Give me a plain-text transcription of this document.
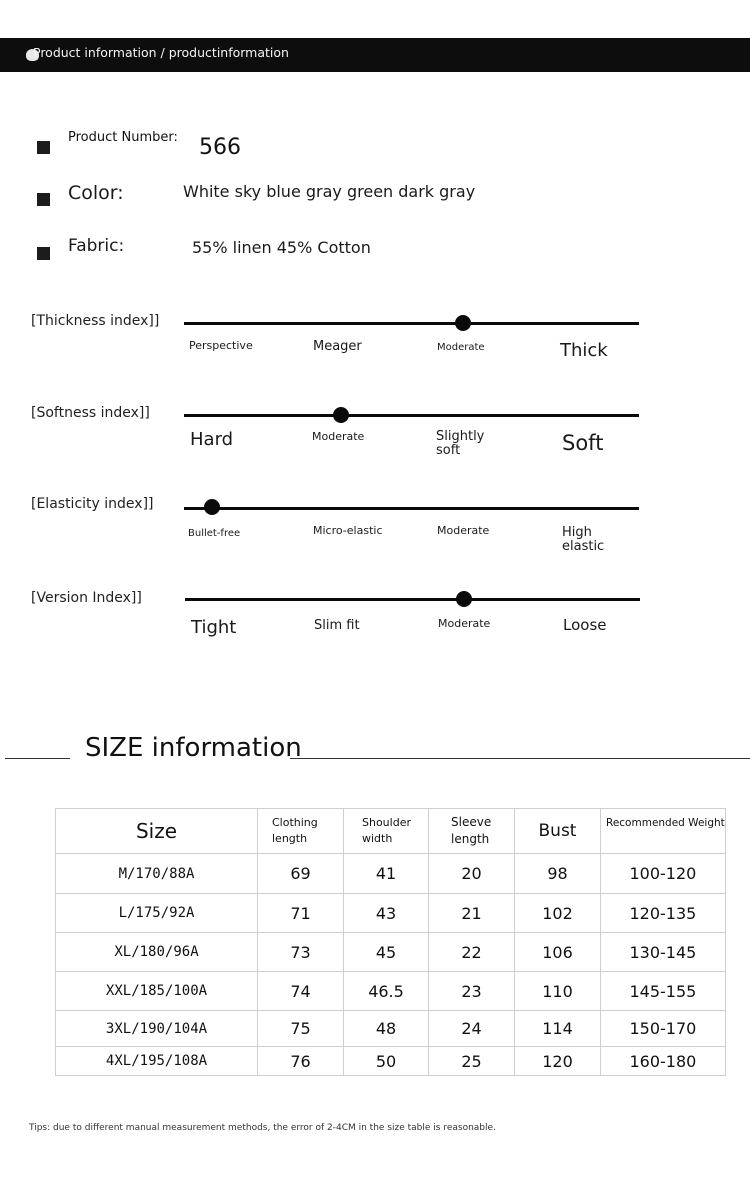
Product information / productinformation
Product Number: 566
Color:	White sky blue gray green dark gray
Fabric:	55% linen 45% Cotton
[Thickness index]]
Perspective	Meager	Moderate	Thick
[Softness index]]
Hard	Moderate	Slightly soft	Soft
[Elasticity index]]
Bullet-free	Micro-elastic	Moderate	High elastic
[Version Index]]
Tight	Slim fit	Moderate	Loose
SIZE information
Size	Clothing length	Shoulder width	Sleeve length	Bust	Recommended Weight
M/170/88A	69	41	20	98	100-120
L/175/92A	71	43	21	102	120-135
XL/180/96A	73	45	22	106	130-145
XXL/185/100A	74	46.5	23	110	145-155
3XL/190/104A	75	48	24	114	150-170
4XL/195/108A	76	50	25	120	160-180
Tips: due to different manual measurement methods, the error of 2-4CM in the size table is reasonable.
